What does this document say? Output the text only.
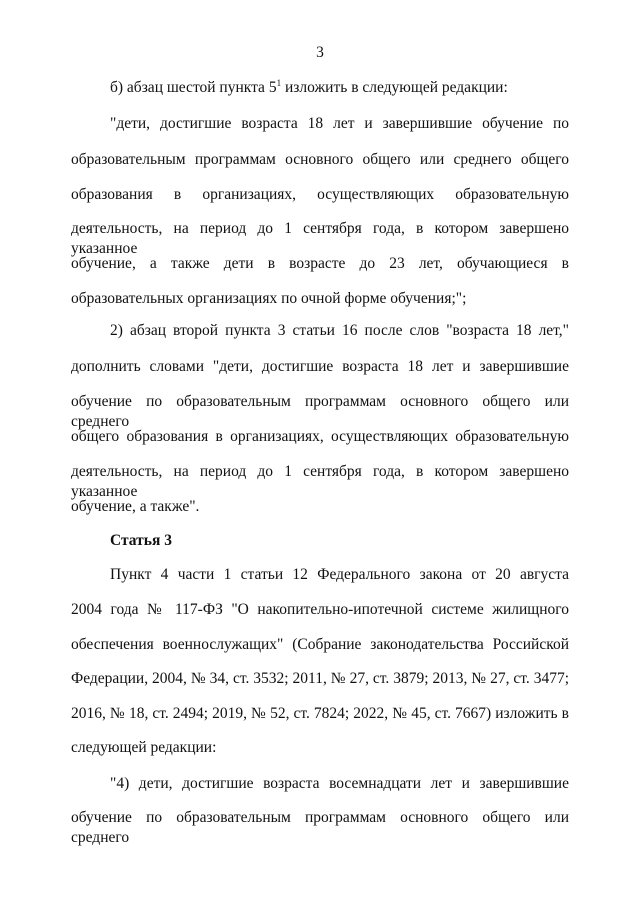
3
б) абзац шестой пункта $5^1$ изложить в следующей редакции:
"дети, достигшие возраста 18 лет и завершившие обучение по
образовательным программам основного общего или среднего общего
образования в организациях, осуществляющих образовательную
деятельность, на период до 1 сентября года, в котором завершено указанное
обучение, а также дети в возрасте до 23 лет, обучающиеся в
образовательных организациях по очной форме обучения;";
2) абзац второй пункта 3 статьи 16 после слов "возраста 18 лет,"
дополнить словами "дети, достигшие возраста 18 лет и завершившие
обучение по образовательным программам основного общего или среднего
общего образования в организациях, осуществляющих образовательную
деятельность, на период до 1 сентября года, в котором завершено указанное
обучение, а также".
Статья 3
Пункт 4 части 1 статьи 12 Федерального закона от 20 августа
2004 года № 117-ФЗ "О накопительно-ипотечной системе жилищного
обеспечения военнослужащих" (Собрание законодательства Российской
Федерации, 2004, № 34, ст. 3532; 2011, № 27, ст. 3879; 2013, № 27, ст. 3477;
2016, № 18, ст. 2494; 2019, № 52, ст. 7824; 2022, № 45, ст. 7667) изложить в
следующей редакции:
"4) дети, достигшие возраста восемнадцати лет и завершившие
обучение по образовательным программам основного общего или среднего
